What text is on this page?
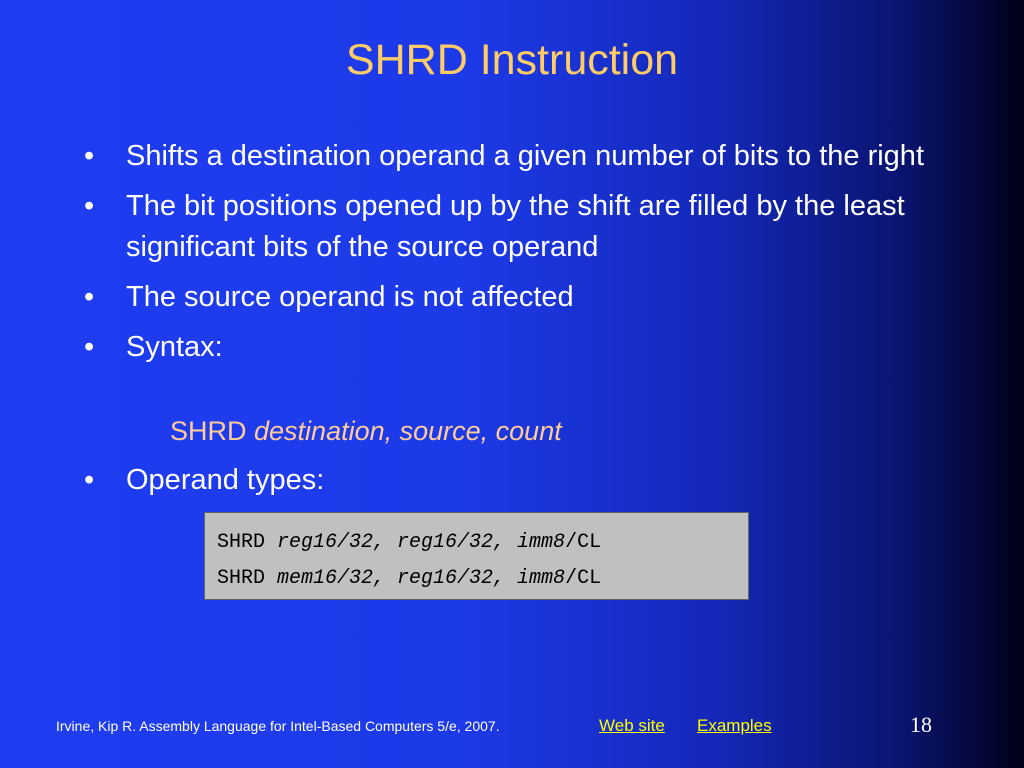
SHRD Instruction
• Shifts a destination operand a given number of bits to the right
• The bit positions opened up by the shift are filled by the least significant bits of the source operand
• The source operand is not affected
• Syntax:
SHRD destination, source, count
• Operand types:
SHRD reg16/32, reg16/32, imm8/CL
SHRD mem16/32, reg16/32, imm8/CL
Irvine, Kip R. Assembly Language for Intel-Based Computers 5/e, 2007.	Web site Examples	18
